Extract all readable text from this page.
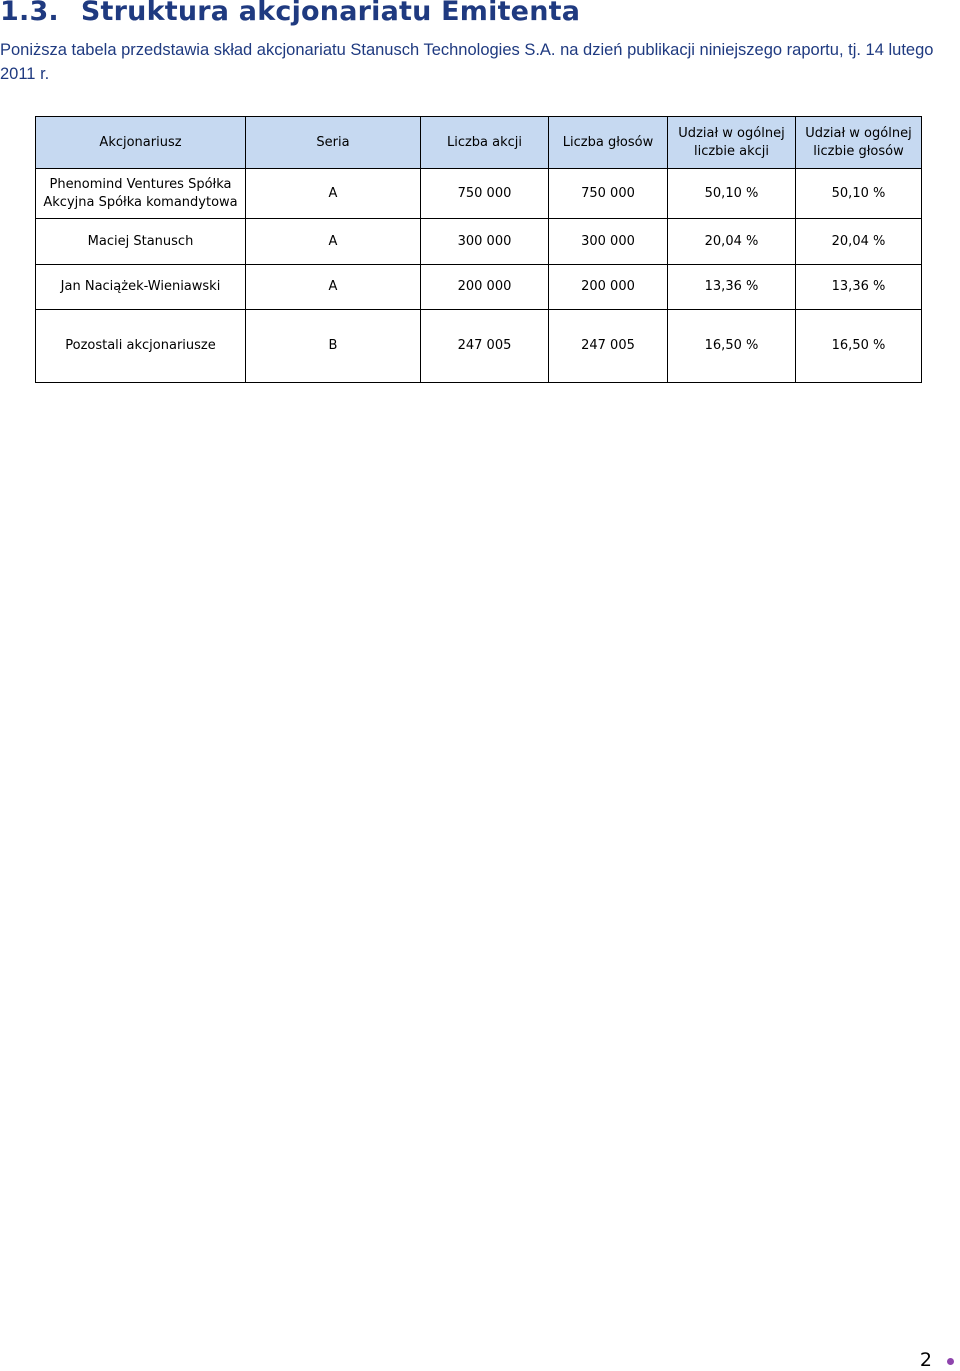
1.3. Struktura akcjonariatu Emitenta

Poniższa tabela przedstawia skład akcjonariatu Stanusch Technologies S.A. na dzień publikacji niniejszego raportu, tj. 14 lutego 2011 r.

Akcjonariusz	Seria	Liczba akcji	Liczba głosów	Udział w ogólnej liczbie akcji	Udział w ogólnej liczbie głosów
Phenomind Ventures Spółka Akcyjna Spółka komandytowa	A	750 000	750 000	50,10 %	50,10 %
Maciej Stanusch	A	300 000	300 000	20,04 %	20,04 %
Jan Naciążek-Wieniawski	A	200 000	200 000	13,36 %	13,36 %
Pozostali akcjonariusze	B	247 005	247 005	16,50 %	16,50 %
2
